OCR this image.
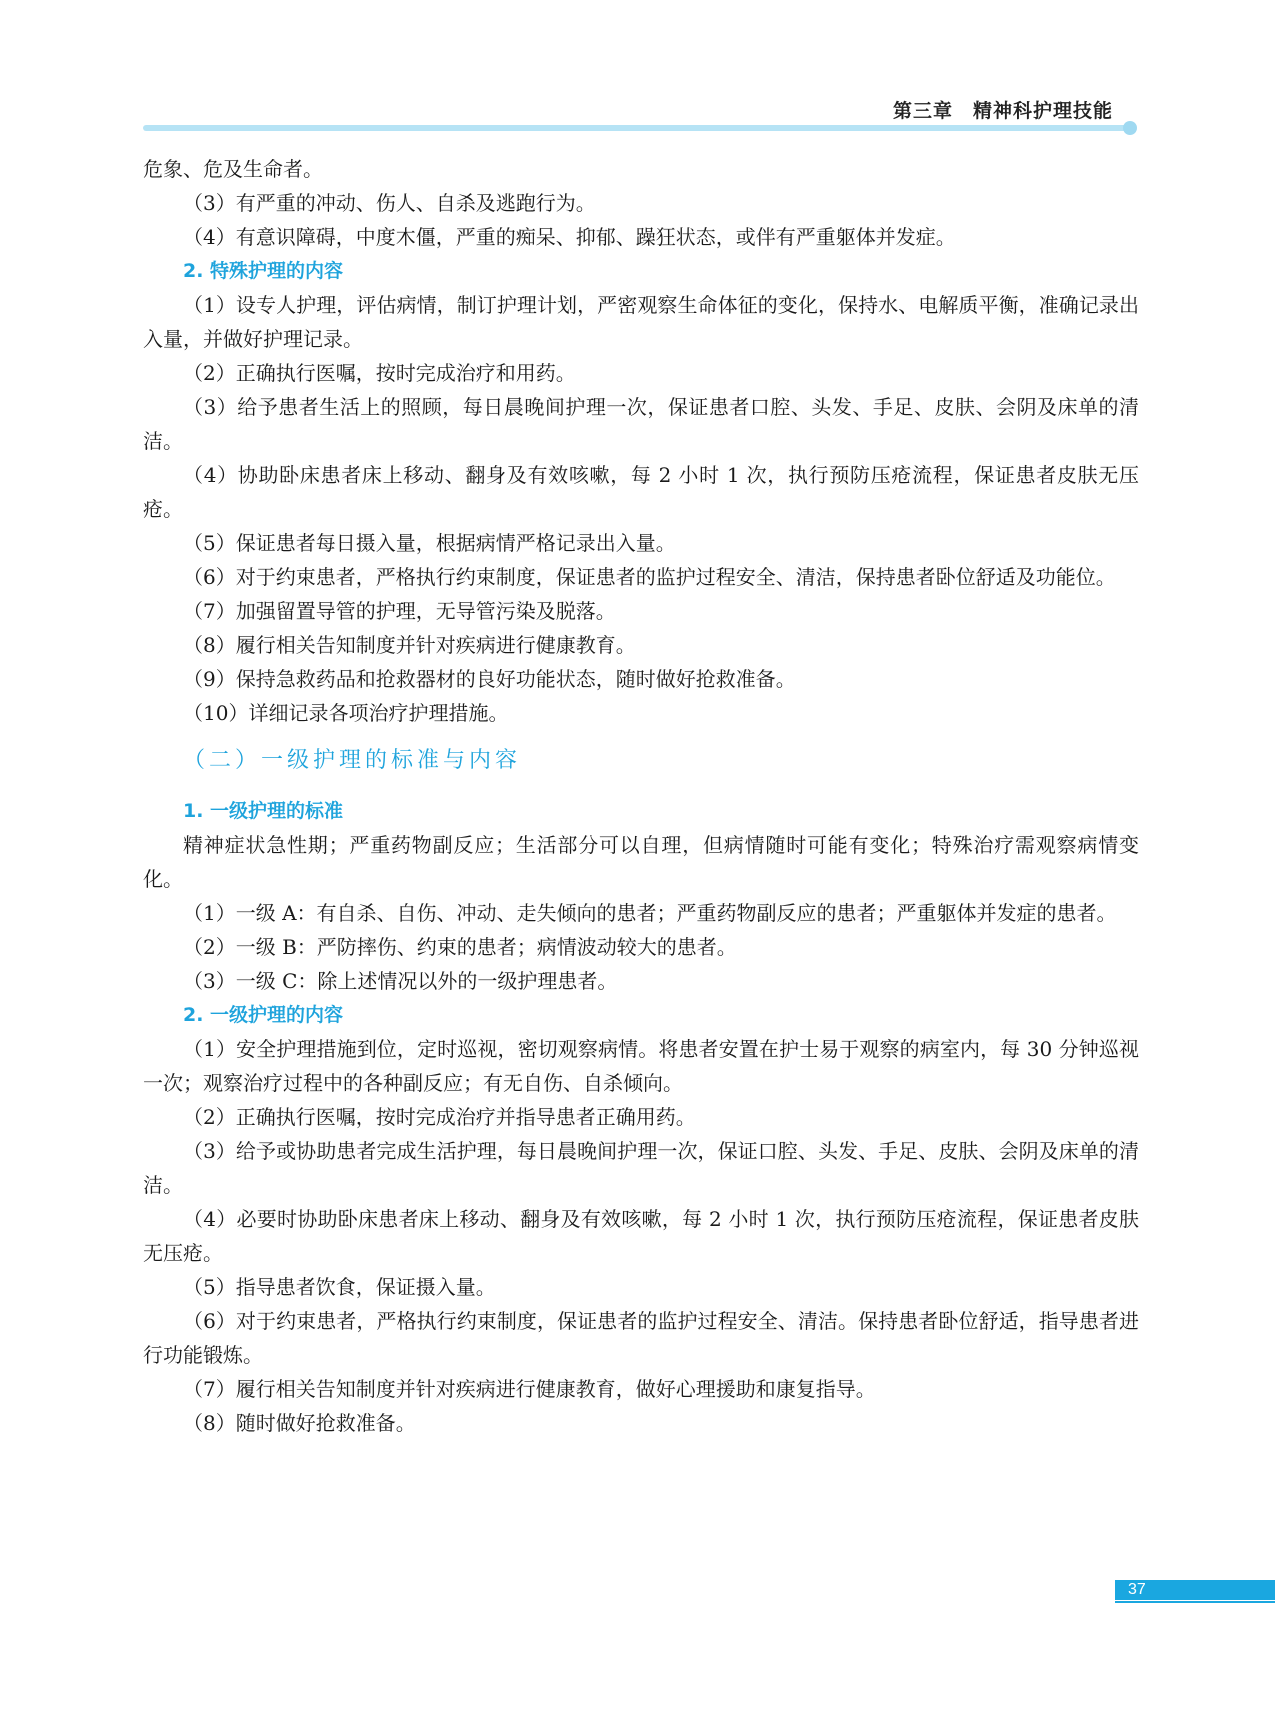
第三章　精神科护理技能

危象、危及生命者。

（3）有严重的冲动、伤人、自杀及逃跑行为。

（4）有意识障碍，中度木僵，严重的痴呆、抑郁、躁狂状态，或伴有严重躯体并发症。

2. 特殊护理的内容

（1）设专人护理，评估病情，制订护理计划，严密观察生命体征的变化，保持水、电解质平衡，准确记录出入量，并做好护理记录。

（2）正确执行医嘱，按时完成治疗和用药。

（3）给予患者生活上的照顾，每日晨晚间护理一次，保证患者口腔、头发、手足、皮肤、会阴及床单的清洁。

（4）协助卧床患者床上移动、翻身及有效咳嗽，每 2 小时 1 次，执行预防压疮流程，保证患者皮肤无压疮。

（5）保证患者每日摄入量，根据病情严格记录出入量。

（6）对于约束患者，严格执行约束制度，保证患者的监护过程安全、清洁，保持患者卧位舒适及功能位。

（7）加强留置导管的护理，无导管污染及脱落。

（8）履行相关告知制度并针对疾病进行健康教育。

（9）保持急救药品和抢救器材的良好功能状态，随时做好抢救准备。

（10）详细记录各项治疗护理措施。

（二）一级护理的标准与内容

1. 一级护理的标准

精神症状急性期；严重药物副反应；生活部分可以自理，但病情随时可能有变化；特殊治疗需观察病情变化。

（1）一级 A：有自杀、自伤、冲动、走失倾向的患者；严重药物副反应的患者；严重躯体并发症的患者。

（2）一级 B：严防摔伤、约束的患者；病情波动较大的患者。

（3）一级 C：除上述情况以外的一级护理患者。

2. 一级护理的内容

（1）安全护理措施到位，定时巡视，密切观察病情。将患者安置在护士易于观察的病室内，每 30 分钟巡视一次；观察治疗过程中的各种副反应；有无自伤、自杀倾向。

（2）正确执行医嘱，按时完成治疗并指导患者正确用药。

（3）给予或协助患者完成生活护理，每日晨晚间护理一次，保证口腔、头发、手足、皮肤、会阴及床单的清洁。

（4）必要时协助卧床患者床上移动、翻身及有效咳嗽，每 2 小时 1 次，执行预防压疮流程，保证患者皮肤无压疮。

（5）指导患者饮食，保证摄入量。

（6）对于约束患者，严格执行约束制度，保证患者的监护过程安全、清洁。保持患者卧位舒适，指导患者进行功能锻炼。

（7）履行相关告知制度并针对疾病进行健康教育，做好心理援助和康复指导。

（8）随时做好抢救准备。

37
